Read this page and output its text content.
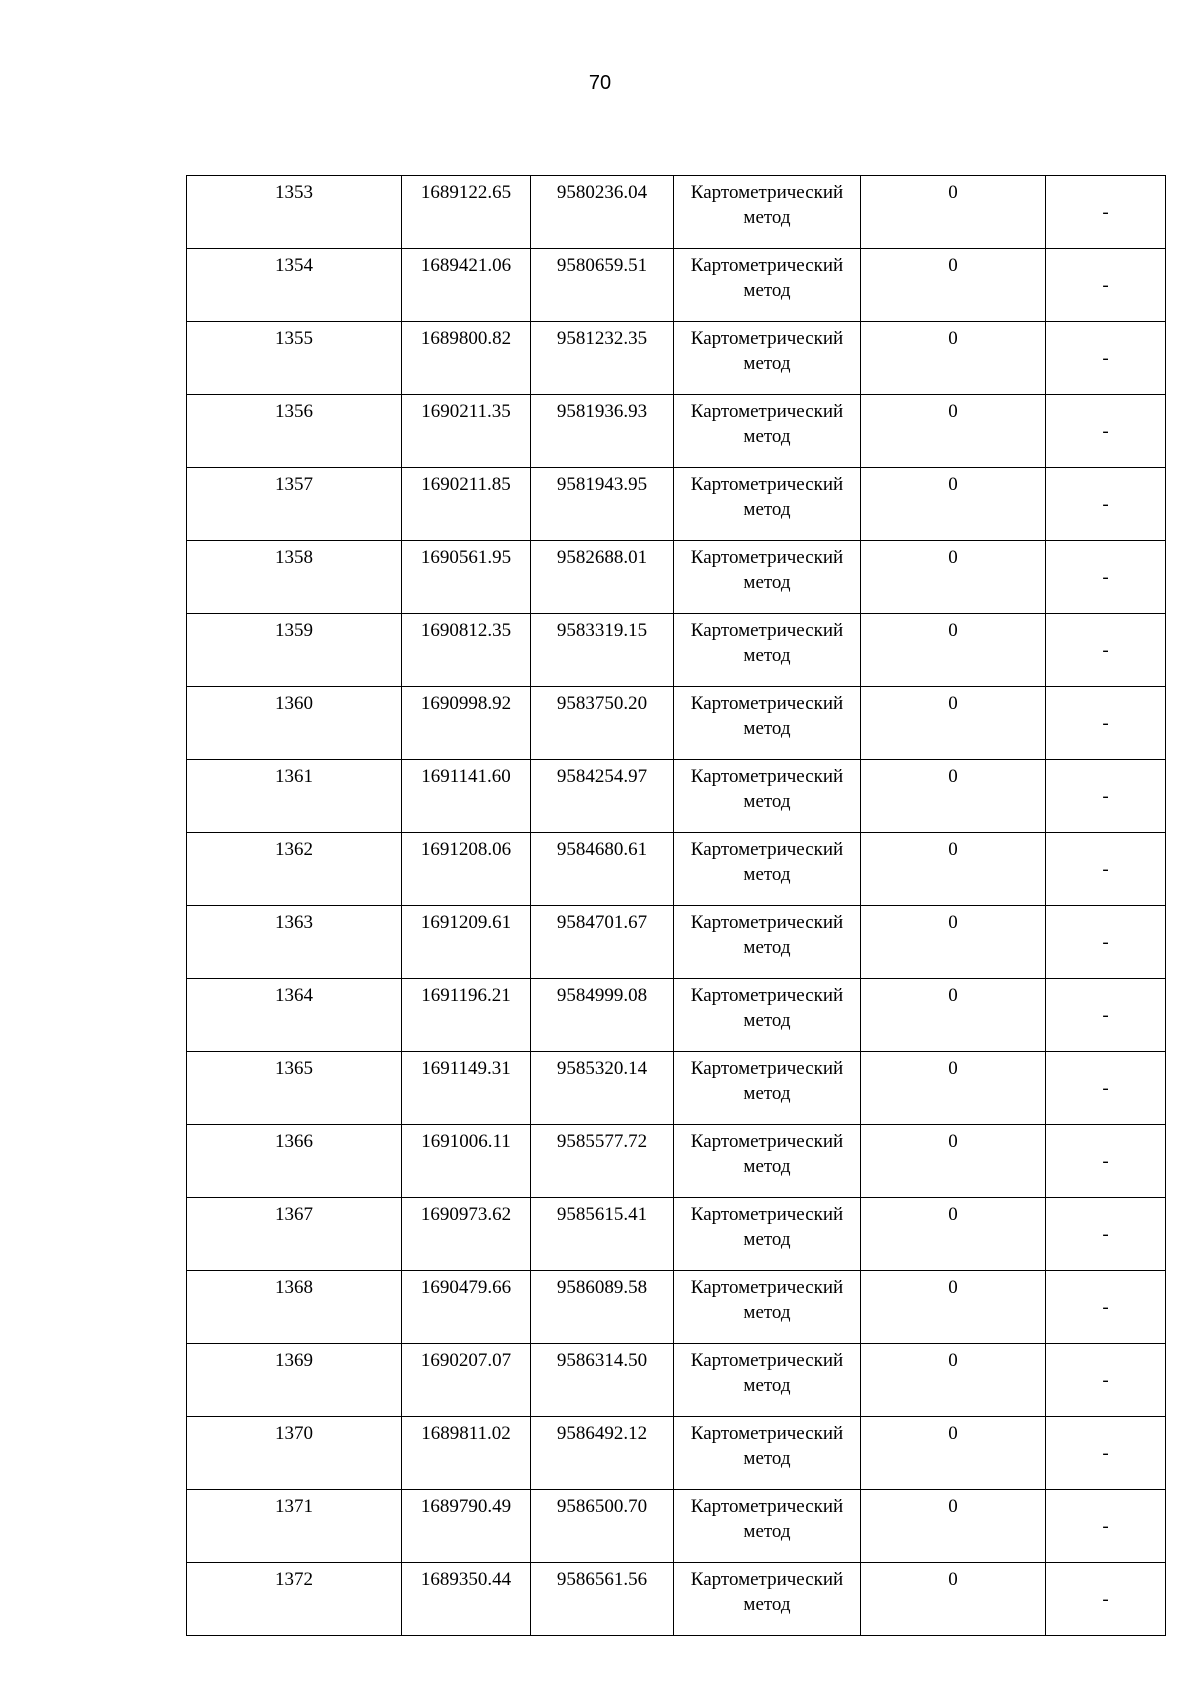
70
1353	1689122.65	9580236.04	Картометрический
метод	0	-
1354	1689421.06	9580659.51	Картометрический
метод	0	-
1355	1689800.82	9581232.35	Картометрический
метод	0	-
1356	1690211.35	9581936.93	Картометрический
метод	0	-
1357	1690211.85	9581943.95	Картометрический
метод	0	-
1358	1690561.95	9582688.01	Картометрический
метод	0	-
1359	1690812.35	9583319.15	Картометрический
метод	0	-
1360	1690998.92	9583750.20	Картометрический
метод	0	-
1361	1691141.60	9584254.97	Картометрический
метод	0	-
1362	1691208.06	9584680.61	Картометрический
метод	0	-
1363	1691209.61	9584701.67	Картометрический
метод	0	-
1364	1691196.21	9584999.08	Картометрический
метод	0	-
1365	1691149.31	9585320.14	Картометрический
метод	0	-
1366	1691006.11	9585577.72	Картометрический
метод	0	-
1367	1690973.62	9585615.41	Картометрический
метод	0	-
1368	1690479.66	9586089.58	Картометрический
метод	0	-
1369	1690207.07	9586314.50	Картометрический
метод	0	-
1370	1689811.02	9586492.12	Картометрический
метод	0	-
1371	1689790.49	9586500.70	Картометрический
метод	0	-
1372	1689350.44	9586561.56	Картометрический
метод	0	-
